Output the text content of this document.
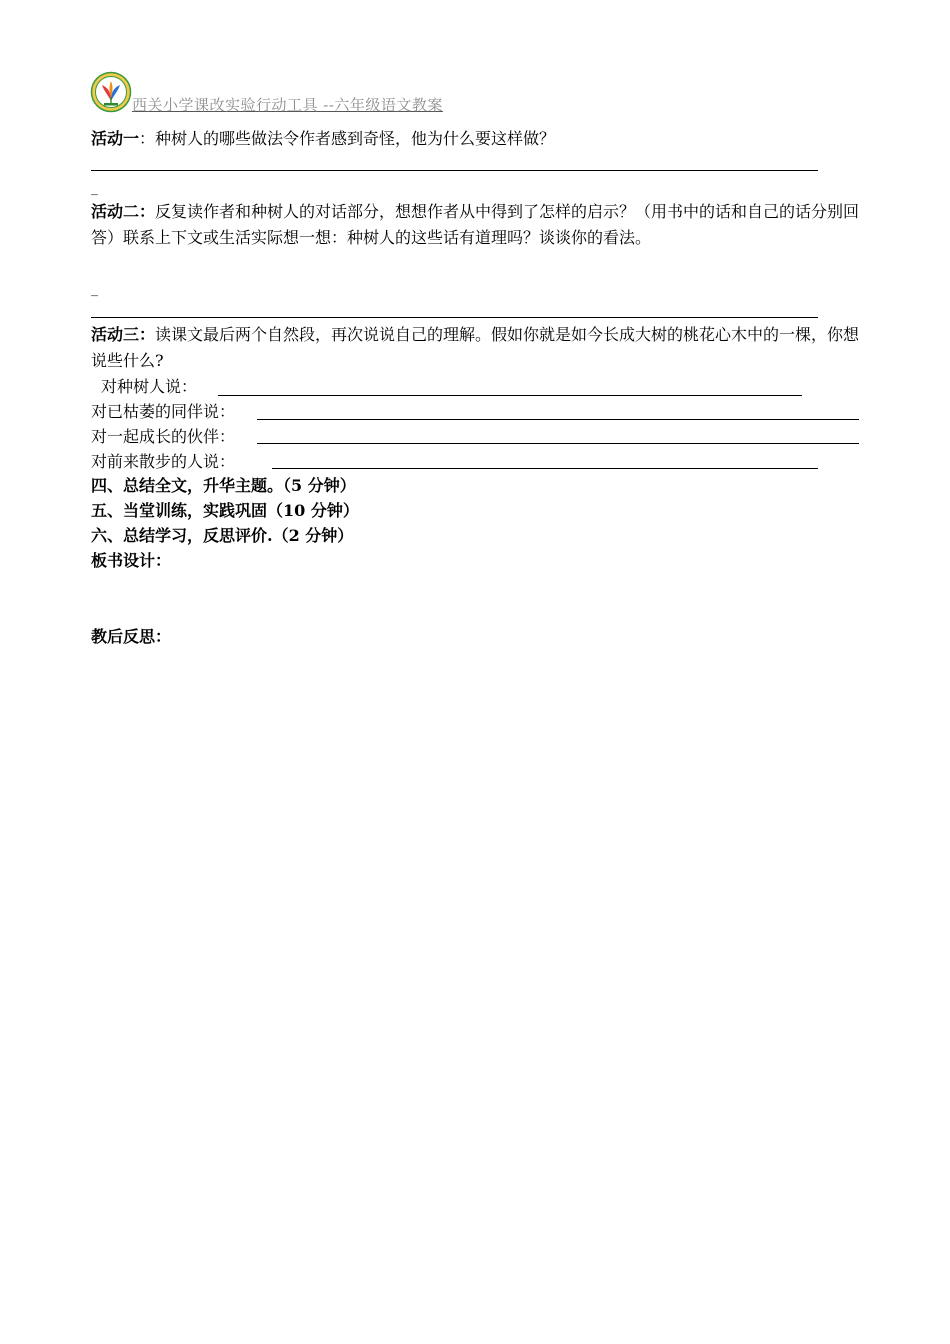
西关小学课改实验行动工具 --六年级语文教案
活动一：种树人的哪些做法令作者感到奇怪，他为什么要这样做？
_
活动二：反复读作者和种树人的对话部分，想想作者从中得到了怎样的启示？（用书中的话和自己的话分别回答）联系上下文或生活实际想一想：种树人的这些话有道理吗？谈谈你的看法。
_
活动三：读课文最后两个自然段，再次说说自己的理解。假如你就是如今长成大树的桃花心木中的一棵，你想说些什么?
对种树人说：
对已枯萎的同伴说：
对一起成长的伙伴：
对前来散步的人说：
四、总结全文，升华主题。（5 分钟）
五、当堂训练，实践巩固（10 分钟）
六、总结学习，反思评价.（2 分钟）
板书设计：
教后反思：
